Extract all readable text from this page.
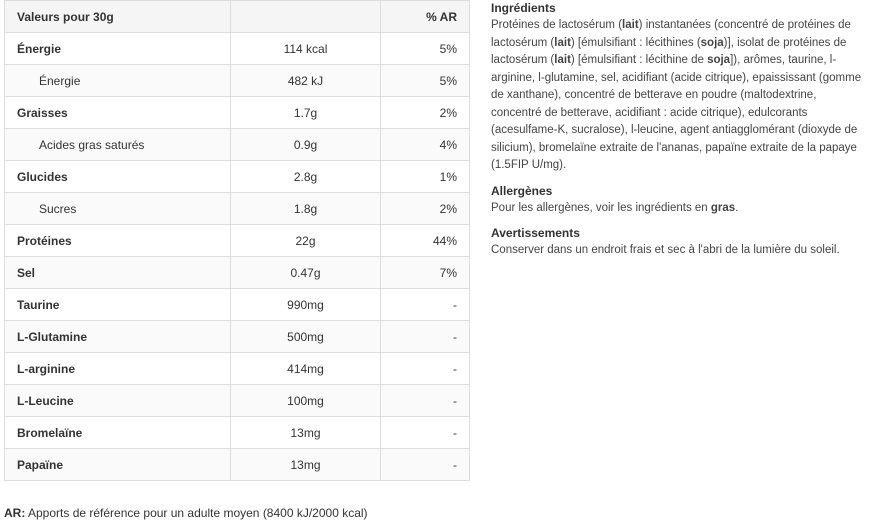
Valeurs pour 30g		% AR
Énergie	114 kcal	5%
Énergie	482 kJ	5%
Graisses	1.7g	2%
Acides gras saturés	0.9g	4%
Glucides	2.8g	1%
Sucres	1.8g	2%
Protéines	22g	44%
Sel	0.47g	7%
Taurine	990mg	-
L-Glutamine	500mg	-
L-arginine	414mg	-
L-Leucine	100mg	-
Bromelaïne	13mg	-
Papaïne	13mg	-
AR: Apports de référence pour un adulte moyen (8400 kJ/2000 kcal)
Ingrédients

Protéines de lactosérum (lait) instantanées (concentré de protéines de lactosérum (lait) [émulsifiant : lécithines (soja)], isolat de protéines de lactosérum (lait) [émulsifiant : lécithine de soja]), arômes, taurine, l-arginine, l-glutamine, sel, acidifiant (acide citrique), epaississant (gomme de xanthane), concentré de betterave en poudre (maltodextrine, concentré de betterave, acidifiant : acide citrique), edulcorants (acesulfame-K, sucralose), l-leucine, agent antiagglomérant (dioxyde de silicium), bromelaïne extraite de l'ananas, papaïne extraite de la papaye (1.5FIP U/mg).

Allergènes

Pour les allergènes, voir les ingrédients en gras.

Avertissements

Conserver dans un endroit frais et sec à l'abri de la lumière du soleil.
